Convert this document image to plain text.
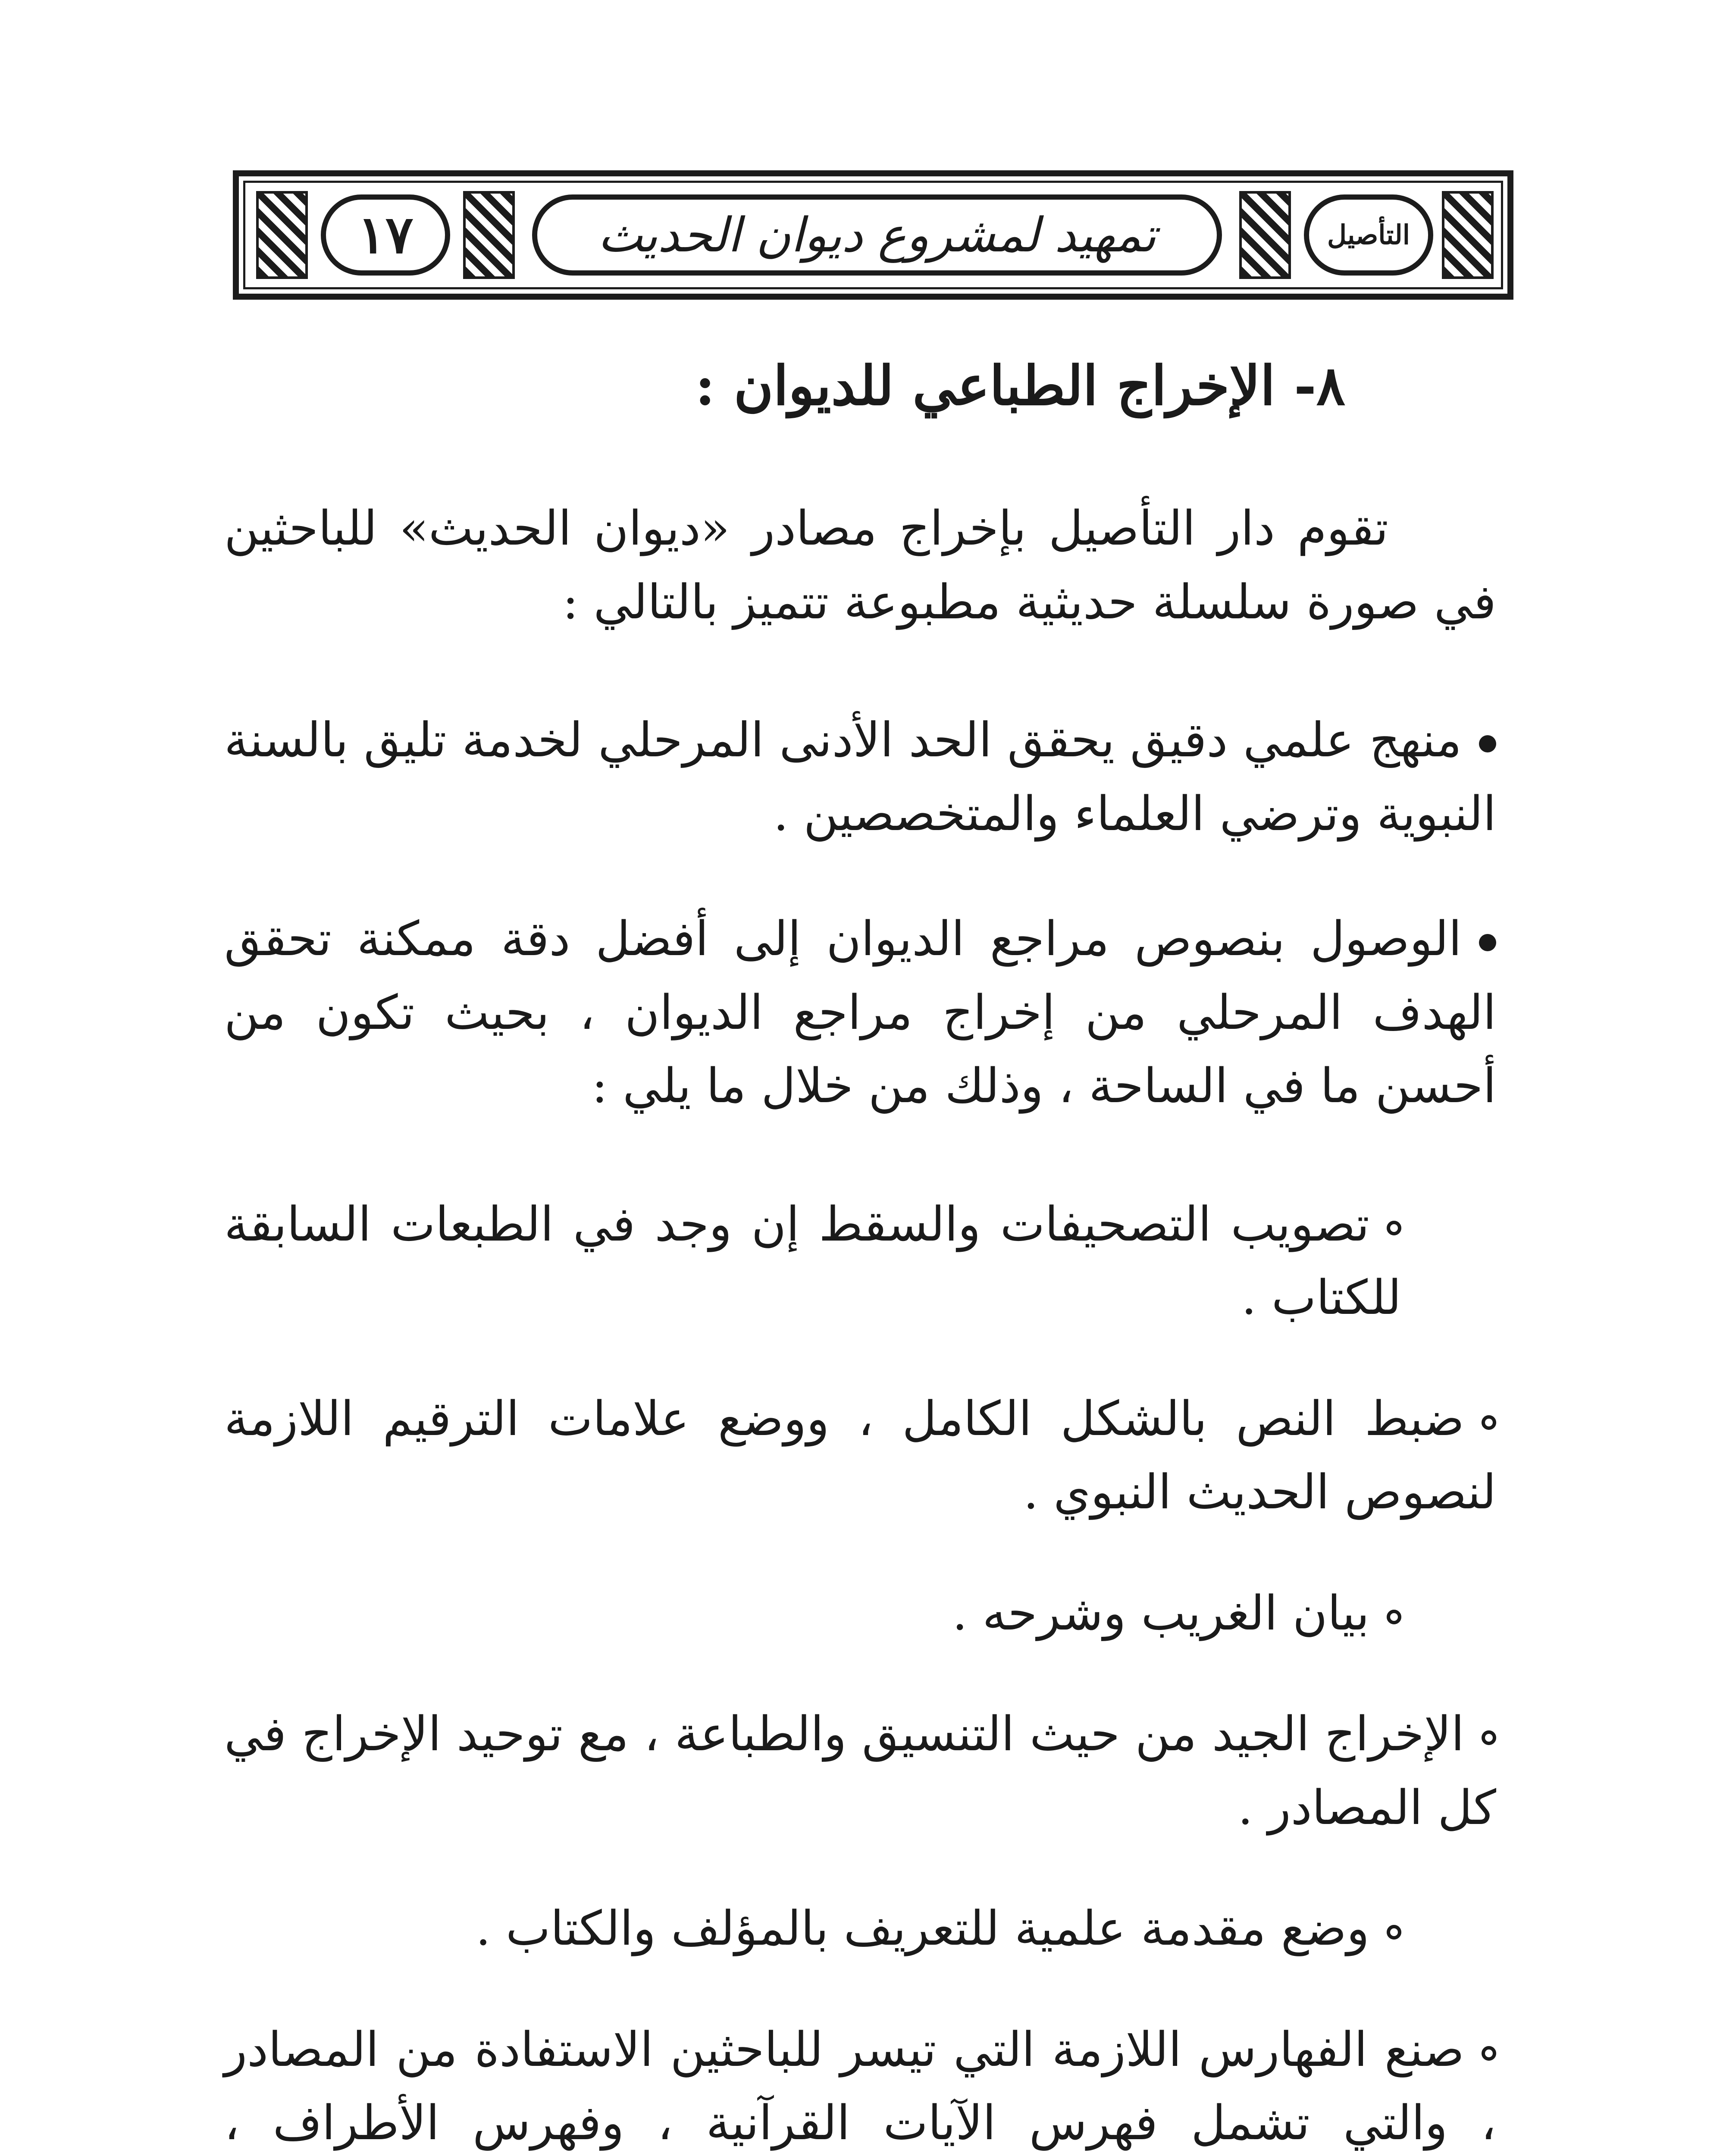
١٧	تمهيد لمشروع ديوان الحديث	التأصيل
٨- الإخراج الطباعي للديوان :

تقوم دار التأصيل بإخراج مصادر «ديوان الحديث» للباحثين في صورة سلسلة حديثية مطبوعة تتميز بالتالي :

منهج علمي دقيق يحقق الحد الأدنى المرحلي لخدمة تليق بالسنة النبوية وترضي العلماء والمتخصصين .
الوصول بنصوص مراجع الديوان إلى أفضل دقة ممكنة تحقق الهدف المرحلي من إخراج مراجع الديوان ، بحيث تكون من أحسن ما في الساحة ، وذلك من خلال ما يلي :
تصويب التصحيفات والسقط إن وجد في الطبعات السابقة للكتاب .
ضبط النص بالشكل الكامل ، ووضع علامات الترقيم اللازمة لنصوص الحديث النبوي .
بيان الغريب وشرحه .
الإخراج الجيد من حيث التنسيق والطباعة ، مع توحيد الإخراج في كل المصادر .
وضع مقدمة علمية للتعريف بالمؤلف والكتاب .
صنع الفهارس اللازمة التي تيسر للباحثين الاستفادة من المصادر ، والتي تشمل فهرس الآيات القرآنية ، وفهرس الأطراف ،
